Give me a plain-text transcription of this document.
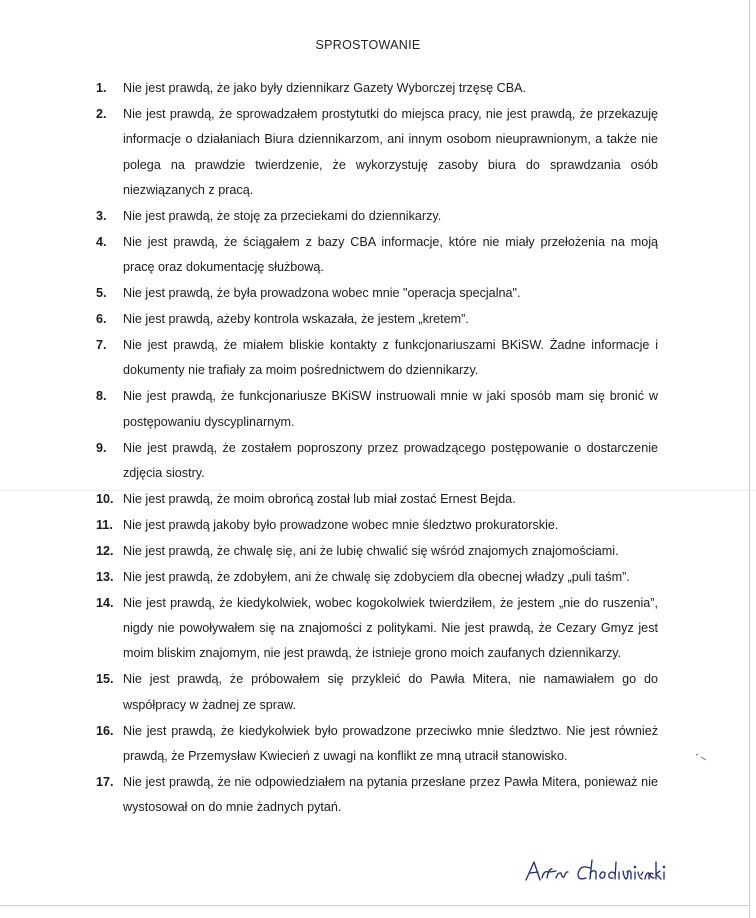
SPROSTOWANIE
1.	Nie jest prawdą, że jako były dziennikarz Gazety Wyborczej trzęsę CBA.
2.	Nie jest prawdą, że sprowadzałem prostytutki do miejsca pracy, nie jest prawdą, że przekazuję informacje o działaniach Biura dziennikarzom, ani innym osobom nieuprawnionym, a także nie polega na prawdzie twierdzenie, że wykorzystuję zasoby biura do sprawdzania osób niezwiązanych z pracą.
3.	Nie jest prawdą, że stoję za przeciekami do dziennikarzy.
4.	Nie jest prawdą, że ściągałem z bazy CBA informacje, które nie miały przełożenia na moją pracę oraz dokumentację służbową.
5.	Nie jest prawdą, że była prowadzona wobec mnie "operacja specjalna".
6.	Nie jest prawdą, ażeby kontrola wskazała, że jestem „kretem”.
7.	Nie jest prawdą, że miałem bliskie kontakty z funkcjonariuszami BKiSW. Żadne informacje i dokumenty nie trafiały za moim pośrednictwem do dziennikarzy.
8.	Nie jest prawdą, że funkcjonariusze BKiSW instruowali mnie w jaki sposób mam się bronić w postępowaniu dyscyplinarnym.
9.	Nie jest prawdą, że zostałem poproszony przez prowadzącego postępowanie o dostarczenie zdjęcia siostry.
10. Nie jest prawdą, że moim obrońcą został lub miał zostać Ernest Bejda.
11. Nie jest prawdą jakoby było prowadzone wobec mnie śledztwo prokuratorskie.
12. Nie jest prawdą, że chwalę się, ani że lubię chwalić się wśród znajomych znajomościami.
13. Nie jest prawdą, że zdobyłem, ani że chwalę się zdobyciem dla obecnej władzy „puli taśm”.
14. Nie jest prawdą, że kiedykolwiek, wobec kogokolwiek twierdziłem, że jestem „nie do ruszenia”, nigdy nie powoływałem się na znajomości z politykami. Nie jest prawdą, że Cezary Gmyz jest moim bliskim znajomym, nie jest prawdą, że istnieje grono moich zaufanych dziennikarzy.
15. Nie jest prawdą, że próbowałem się przykleić do Pawła Mitera, nie namawiałem go do współpracy w żadnej ze spraw.
16. Nie jest prawdą, że kiedykolwiek było prowadzone przeciwko mnie śledztwo. Nie jest również prawdą, że Przemysław Kwiecień z uwagi na konflikt ze mną utracił stanowisko.
17. Nie jest prawdą, że nie odpowiedziałem na pytania przesłane przez Pawła Mitera, ponieważ nie wystosował on do mnie żadnych pytań.
